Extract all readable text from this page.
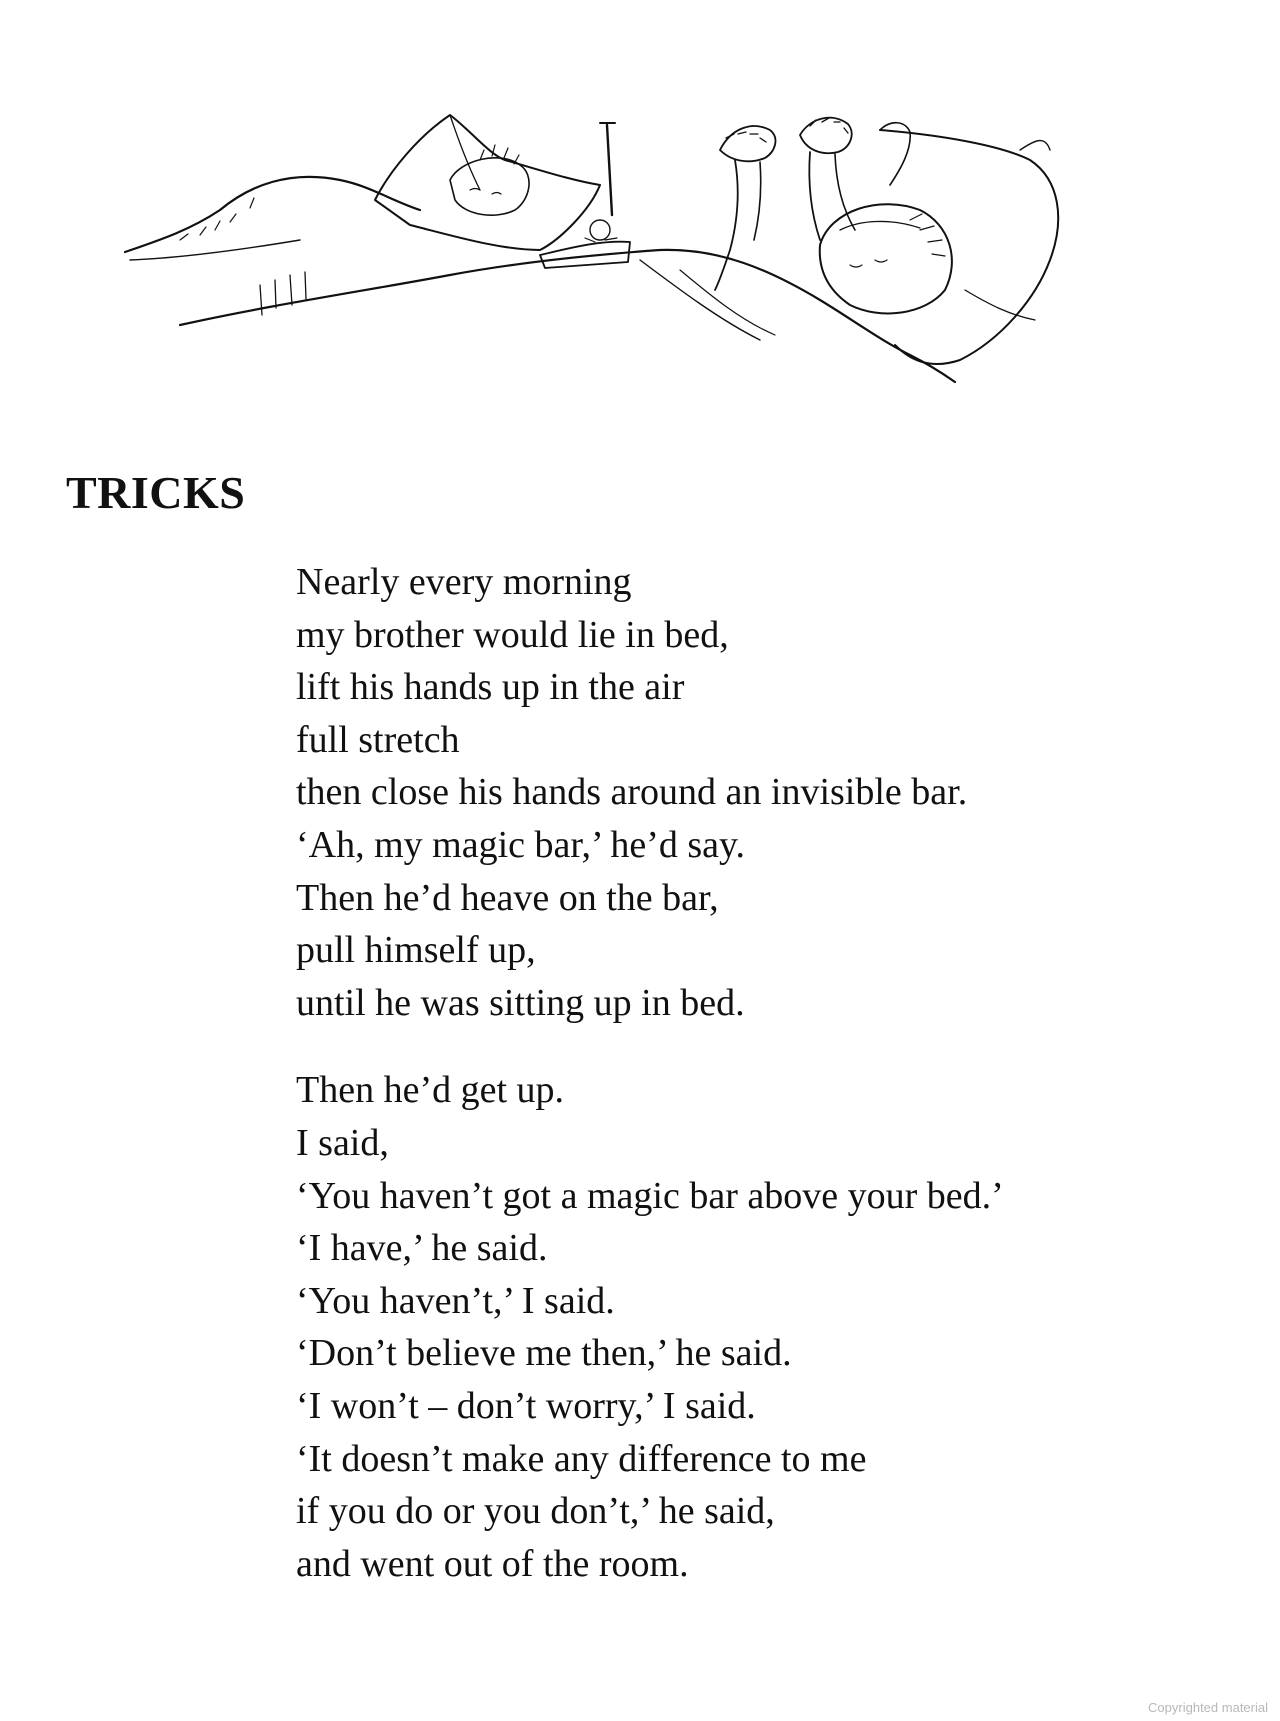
TRICKS
Nearly every morning
my brother would lie in bed,
lift his hands up in the air
full stretch
then close his hands around an invisible bar.
‘Ah, my magic bar,’ he’d say.
Then he’d heave on the bar,
pull himself up,
until he was sitting up in bed.
Then he’d get up.
I said,
‘You haven’t got a magic bar above your bed.’
‘I have,’ he said.
‘You haven’t,’ I said.
‘Don’t believe me then,’ he said.
‘I won’t – don’t worry,’ I said.
‘It doesn’t make any difference to me
if you do or you don’t,’ he said,
and went out of the room.
Copyrighted material
